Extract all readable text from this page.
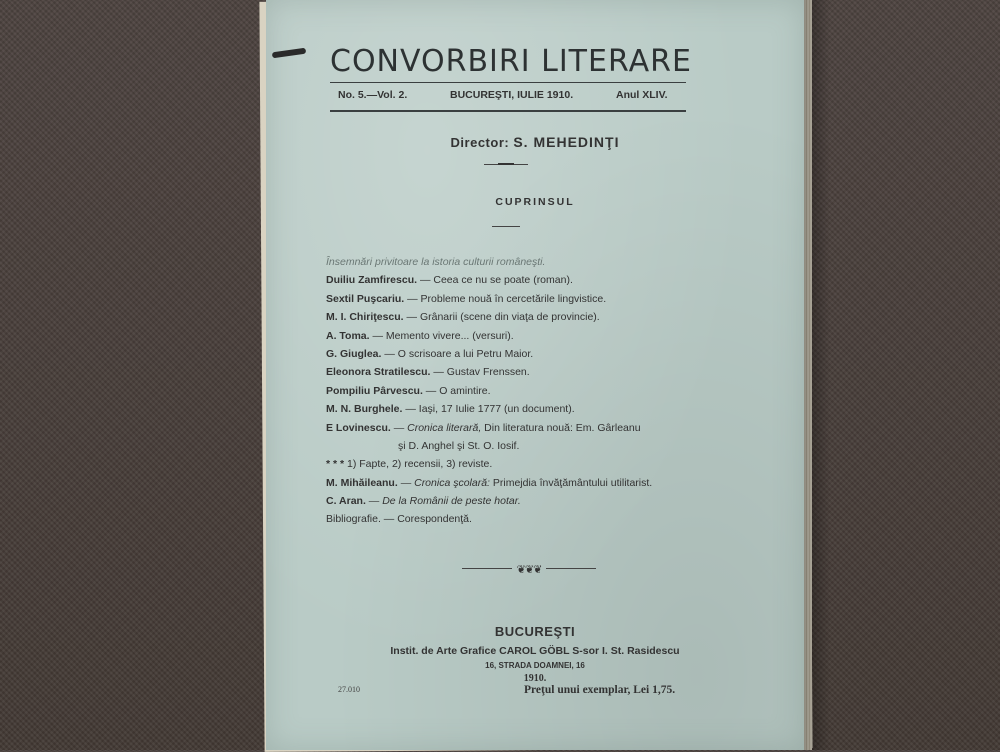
CONVORBIRI LITERARE
No. 5.—Vol. 2.	BUCUREŞTI, IULIE 1910.	Anul XLIV.
Director: S. MEHEDINŢI
CUPRINSUL
Însemnări privitoare la istoria culturii româneşti.
Duiliu Zamfirescu. — Ceea ce nu se poate (roman).
Sextil Puşcariu. — Probleme nouă în cercetările lingvistice.
M. I. Chiriţescu. — Grânarii (scene din viaţa de provincie).
A. Toma. — Memento vivere... (versuri).
G. Giuglea. — O scrisoare a lui Petru Maior.
Eleonora Stratilescu. — Gustav Frenssen.
Pompiliu Pârvescu. — O amintire.
M. N. Burghele. — Iaşi, 17 Iulie 1777 (un document).
E Lovinescu. — Cronica literară, Din literatura nouă: Em. Gârleanu
şi D. Anghel şi St. O. Iosif.
* * * 1) Fapte, 2) recensii, 3) reviste.
M. Mihăileanu. — Cronica şcolară: Primejdia învăţământului utilitarist.
C. Aran. — De la Românii de peste hotar.
Bibliografie. — Corespondenţă.
❦❦❦
BUCUREŞTI
Instit. de Arte Grafice CAROL GÖBL S-sor I. St. Rasidescu
16, STRADA DOAMNEI, 16
1910.
27.010	Preţul unui exemplar, Lei 1,75.
